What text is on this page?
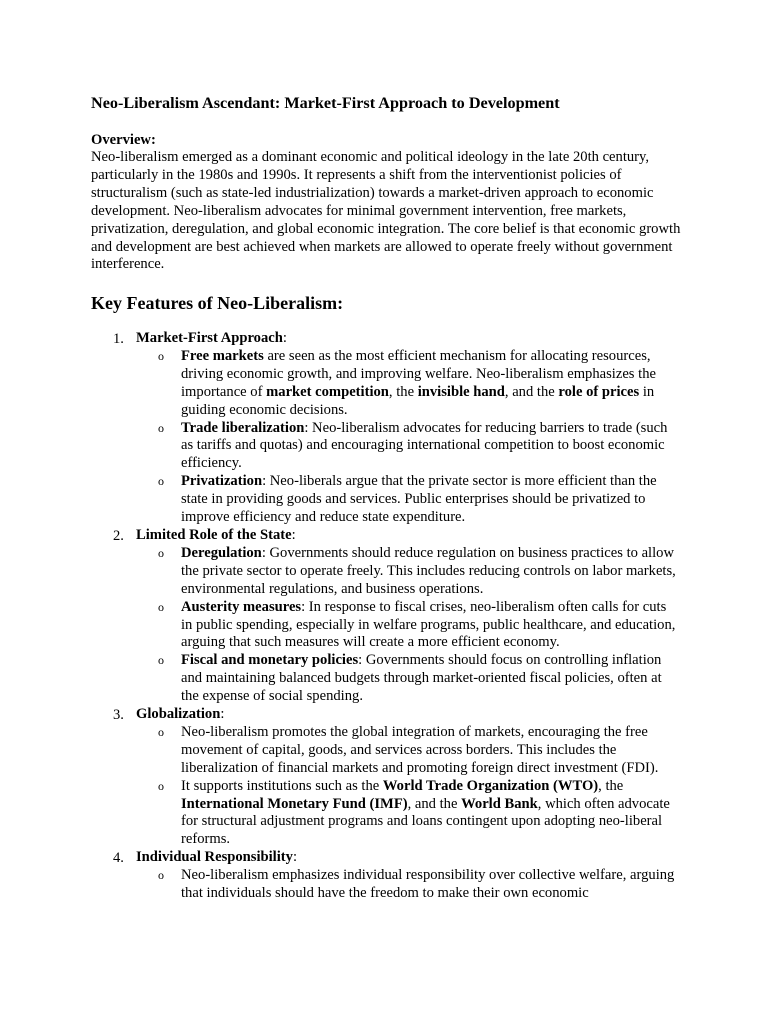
Neo-Liberalism Ascendant: Market-First Approach to Development
Overview:

Neo-liberalism emerged as a dominant economic and political ideology in the late 20th century, particularly in the 1980s and 1990s. It represents a shift from the interventionist policies of structuralism (such as state-led industrialization) towards a market-driven approach to economic development. Neo-liberalism advocates for minimal government intervention, free markets, privatization, deregulation, and global economic integration. The core belief is that economic growth and development are best achieved when markets are allowed to operate freely without government interference.

Key Features of Neo-Liberalism:
1. Market-First Approach:
o Free markets are seen as the most efficient mechanism for allocating resources, driving economic growth, and improving welfare. Neo-liberalism emphasizes the importance of market competition, the invisible hand, and the role of prices in guiding economic decisions.
o Trade liberalization: Neo-liberalism advocates for reducing barriers to trade (such as tariffs and quotas) and encouraging international competition to boost economic efficiency.
o Privatization: Neo-liberals argue that the private sector is more efficient than the state in providing goods and services. Public enterprises should be privatized to improve efficiency and reduce state expenditure.
2. Limited Role of the State:
o Deregulation: Governments should reduce regulation on business practices to allow the private sector to operate freely. This includes reducing controls on labor markets, environmental regulations, and business operations.
o Austerity measures: In response to fiscal crises, neo-liberalism often calls for cuts in public spending, especially in welfare programs, public healthcare, and education, arguing that such measures will create a more efficient economy.
o Fiscal and monetary policies: Governments should focus on controlling inflation and maintaining balanced budgets through market-oriented fiscal policies, often at the expense of social spending.
3. Globalization:
o Neo-liberalism promotes the global integration of markets, encouraging the free movement of capital, goods, and services across borders. This includes the liberalization of financial markets and promoting foreign direct investment (FDI).
o It supports institutions such as the World Trade Organization (WTO), the International Monetary Fund (IMF), and the World Bank, which often advocate for structural adjustment programs and loans contingent upon adopting neo-liberal reforms.
4. Individual Responsibility:
o Neo-liberalism emphasizes individual responsibility over collective welfare, arguing that individuals should have the freedom to make their own economic
